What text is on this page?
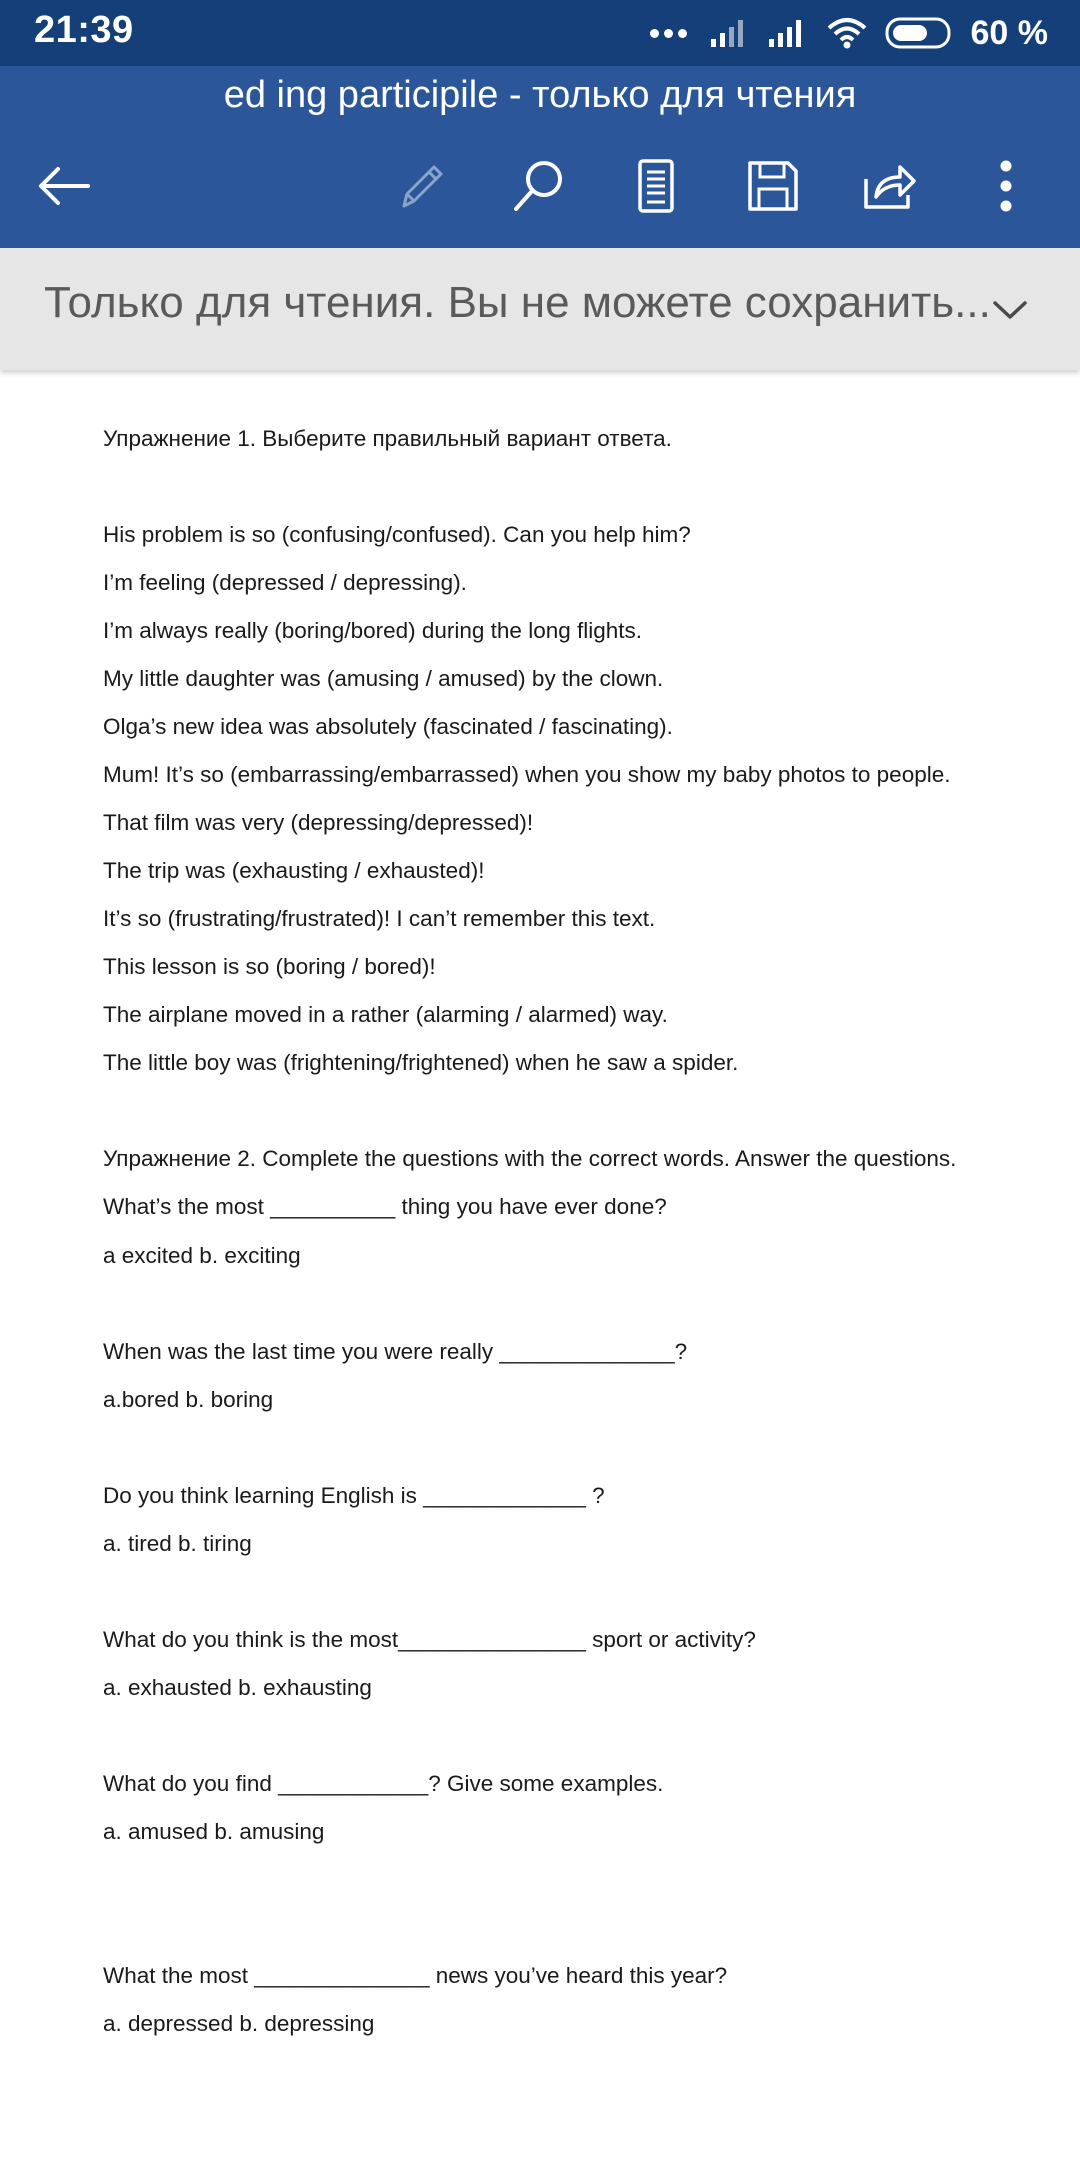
21:39	60 %
ed ing participile - только для чтения
Только для чтения. Вы не можете сохранить...
Упражнение 1. Выберите правильный вариант ответа.
His problem is so (confusing/confused). Can you help him?
I’m feeling (depressed / depressing).
I’m always really (boring/bored) during the long flights.
My little daughter was (amusing / amused) by the clown.
Olga’s new idea was absolutely (fascinated / fascinating).
Mum! It’s so (embarrassing/embarrassed) when you show my baby photos to people.
That film was very (depressing/depressed)!
The trip was (exhausting / exhausted)!
It’s so (frustrating/frustrated)! I can’t remember this text.
This lesson is so (boring / bored)!
The airplane moved in a rather (alarming / alarmed) way.
The little boy was (frightening/frightened) when he saw a spider.
Упражнение 2. Complete the questions with the correct words. Answer the questions.
What’s the most __________ thing you have ever done?
a excited b. exciting
When was the last time you were really ______________?
a.bored b. boring
Do you think learning English is _____________ ?
a. tired b. tiring
What do you think is the most_______________ sport or activity?
a. exhausted b. exhausting
What do you find ____________? Give some examples.
a. amused b. amusing
What the most ______________ news you’ve heard this year?
a. depressed b. depressing
